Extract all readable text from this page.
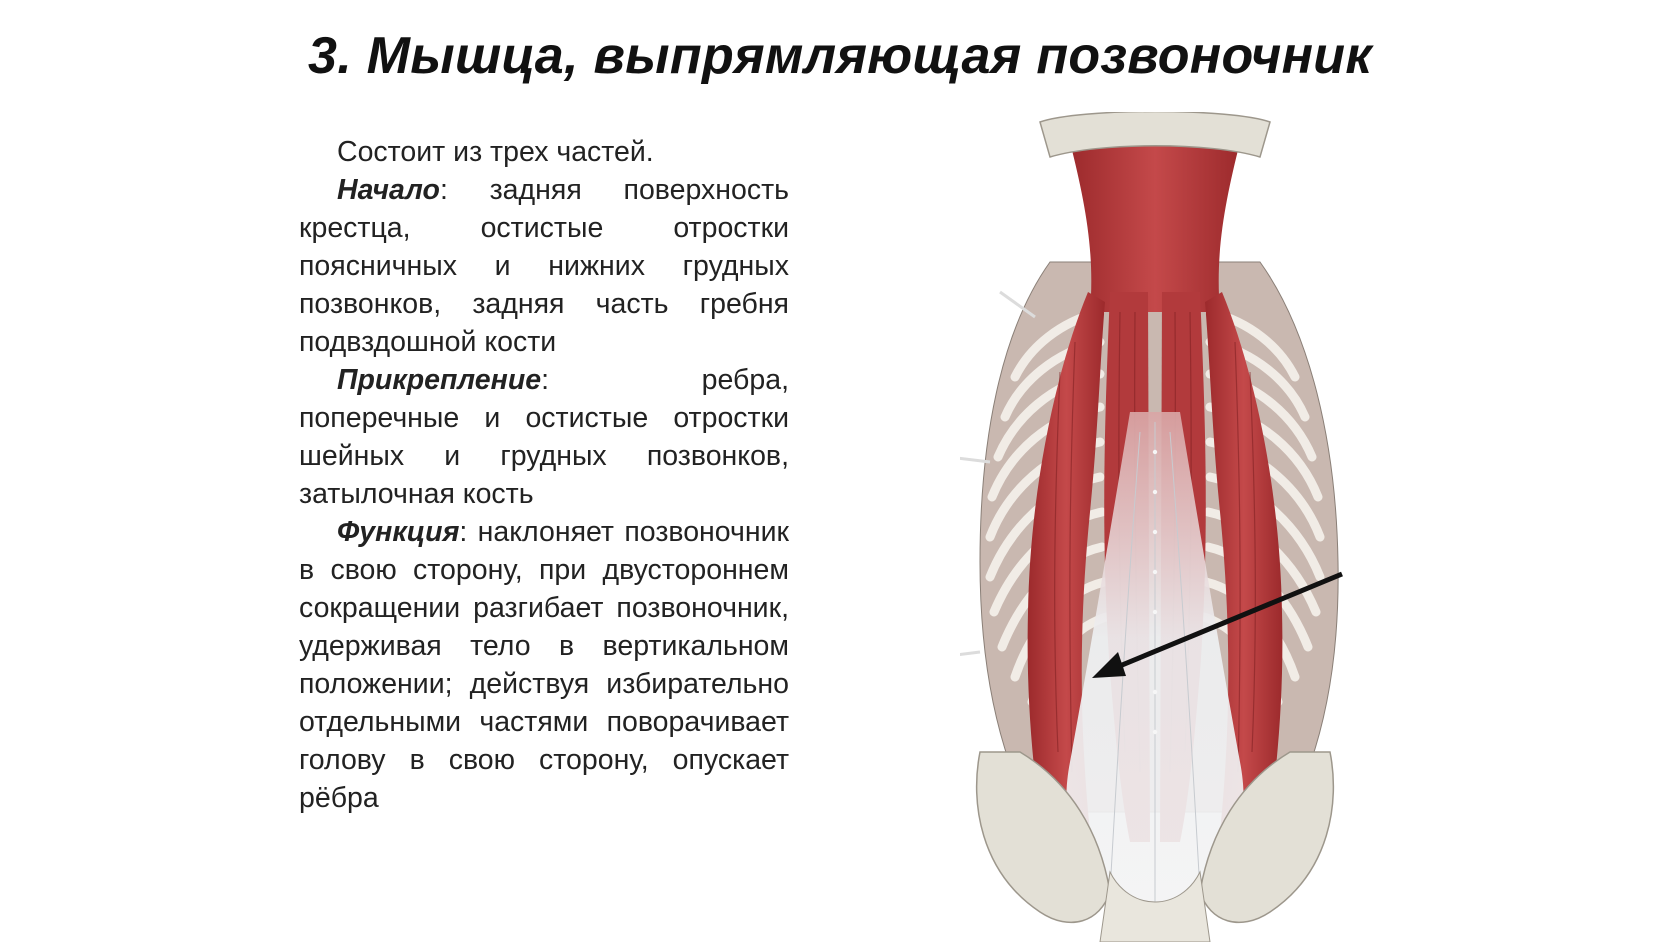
3. Мышца, выпрямляющая позвоночник

Состоит из трех частей.

Начало: задняя поверхность крестца, остистые отростки поясничных и нижних грудных позвонков, задняя часть гребня подвздошной кости

Прикрепление: ребра, поперечные и остистые отростки шейных и грудных позвонков, затылочная кость

Функция: наклоняет позвоночник в свою сторону, при двустороннем сокращении разгибает позвоночник, удерживая тело в вертикальном положении; действуя избирательно отдельными частями поворачивает голову в свою сторону, опускает рёбра
